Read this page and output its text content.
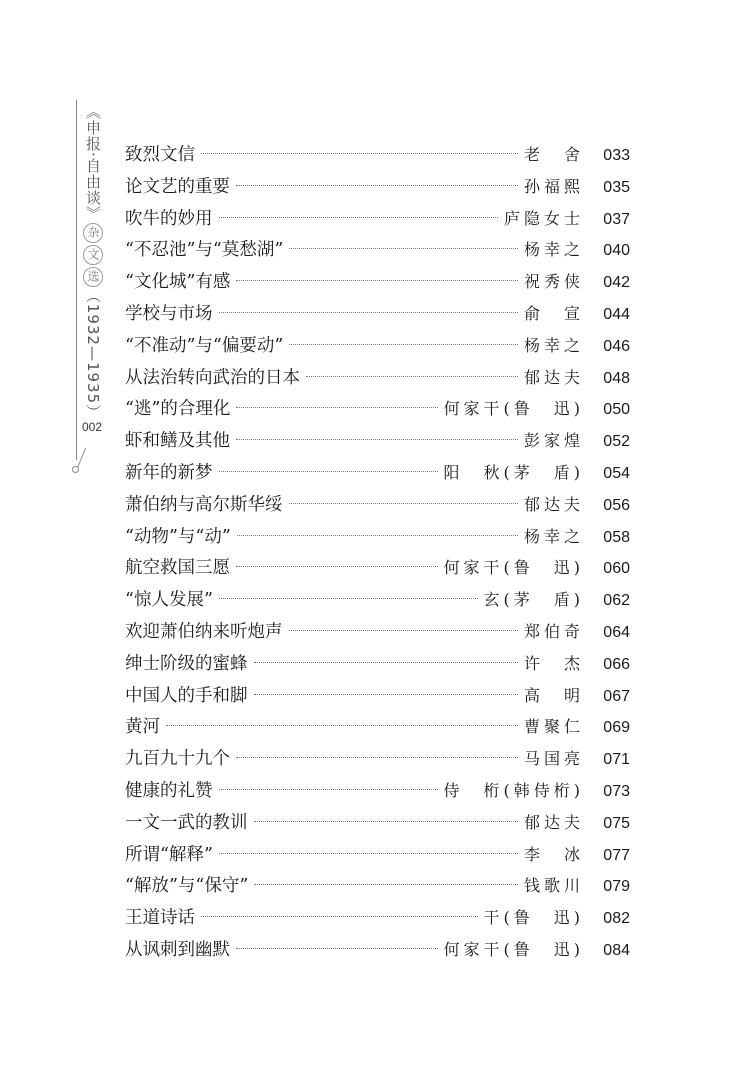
《申报·自由谈》杂文选（1932—1935）
002
致烈文信	老　舍	033
论文艺的重要	孙福熙	035
吹牛的妙用	庐隐女士	037
“不忍池”与“莫愁湖”	杨幸之	040
“文化城”有感	祝秀侠	042
学校与市场	俞　宣	044
“不准动”与“偏要动”	杨幸之	046
从法治转向武治的日本	郁达夫	048
“逃”的合理化	何家干(鲁　迅)	050
虾和鳝及其他	彭家煌	052
新年的新梦	阳　秋(茅　盾)	054
萧伯纳与高尔斯华绥	郁达夫	056
“动物”与“动”	杨幸之	058
航空救国三愿	何家干(鲁　迅)	060
“惊人发展”	玄(茅　盾)	062
欢迎萧伯纳来听炮声	郑伯奇	064
绅士阶级的蜜蜂	许　杰	066
中国人的手和脚	高　明	067
黄河	曹聚仁	069
九百九十九个	马国亮	071
健康的礼赞	侍　桁(韩侍桁)	073
一文一武的教训	郁达夫	075
所谓“解释”	李　冰	077
“解放”与“保守”	钱歌川	079
王道诗话	干(鲁　迅)	082
从讽刺到幽默	何家干(鲁　迅)	084
